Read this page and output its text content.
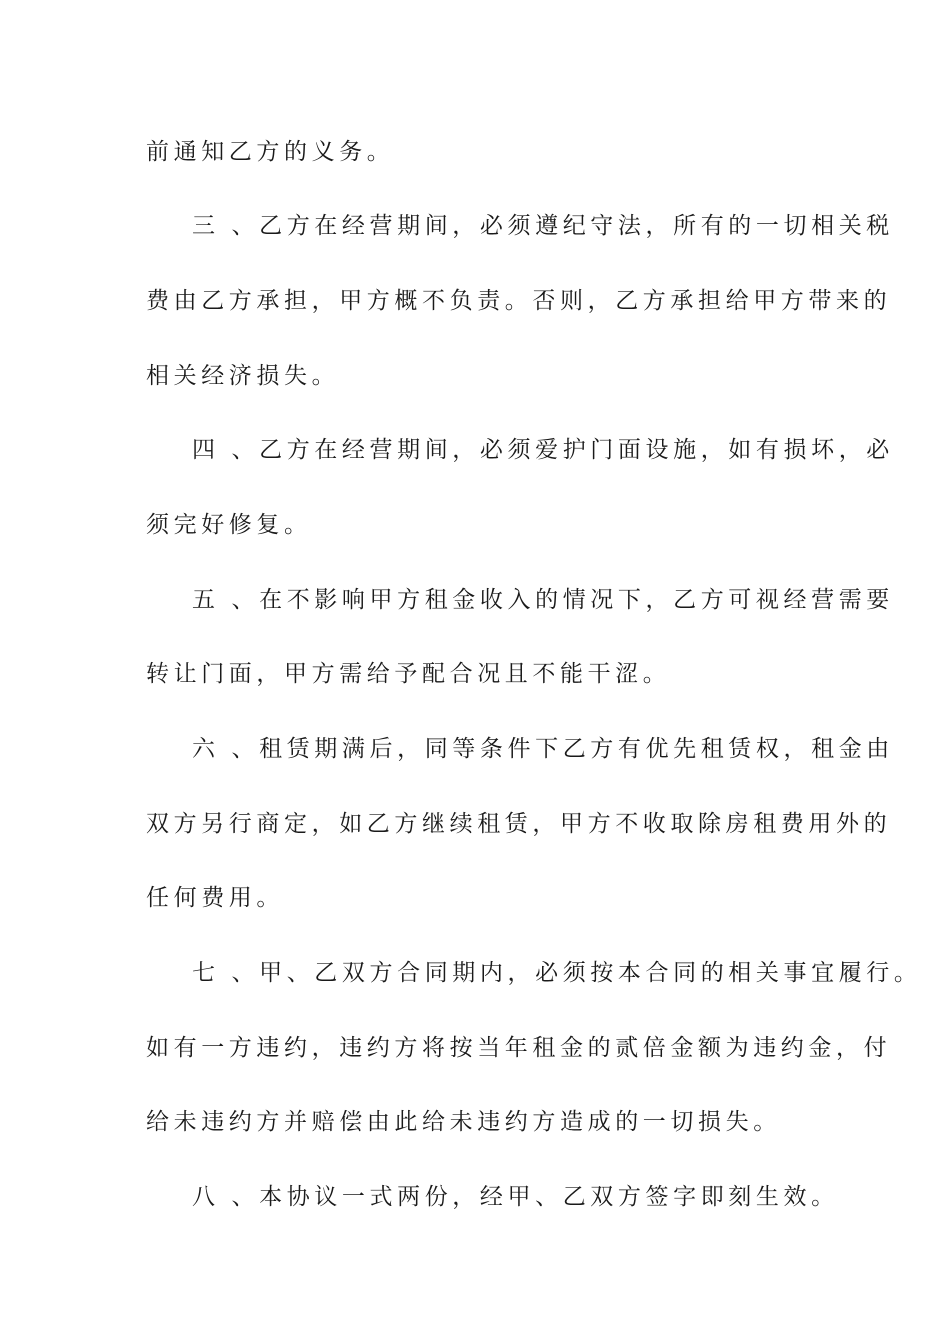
前通知乙方的义务。
三 、乙方在经营期间，必须遵纪守法，所有的一切相关税
费由乙方承担，甲方概不负责。否则，乙方承担给甲方带来的
相关经济损失。
四 、乙方在经营期间，必须爱护门面设施，如有损坏，必
须完好修复。
五 、在不影响甲方租金收入的情况下，乙方可视经营需要
转让门面，甲方需给予配合况且不能干涩。
六 、租赁期满后，同等条件下乙方有优先租赁权，租金由
双方另行商定，如乙方继续租赁，甲方不收取除房租费用外的
任何费用。
七 、甲、乙双方合同期内，必须按本合同的相关事宜履行。
如有一方违约，违约方将按当年租金的贰倍金额为违约金，付
给未违约方并赔偿由此给未违约方造成的一切损失。
八 、本协议一式两份，经甲、乙双方签字即刻生效。
